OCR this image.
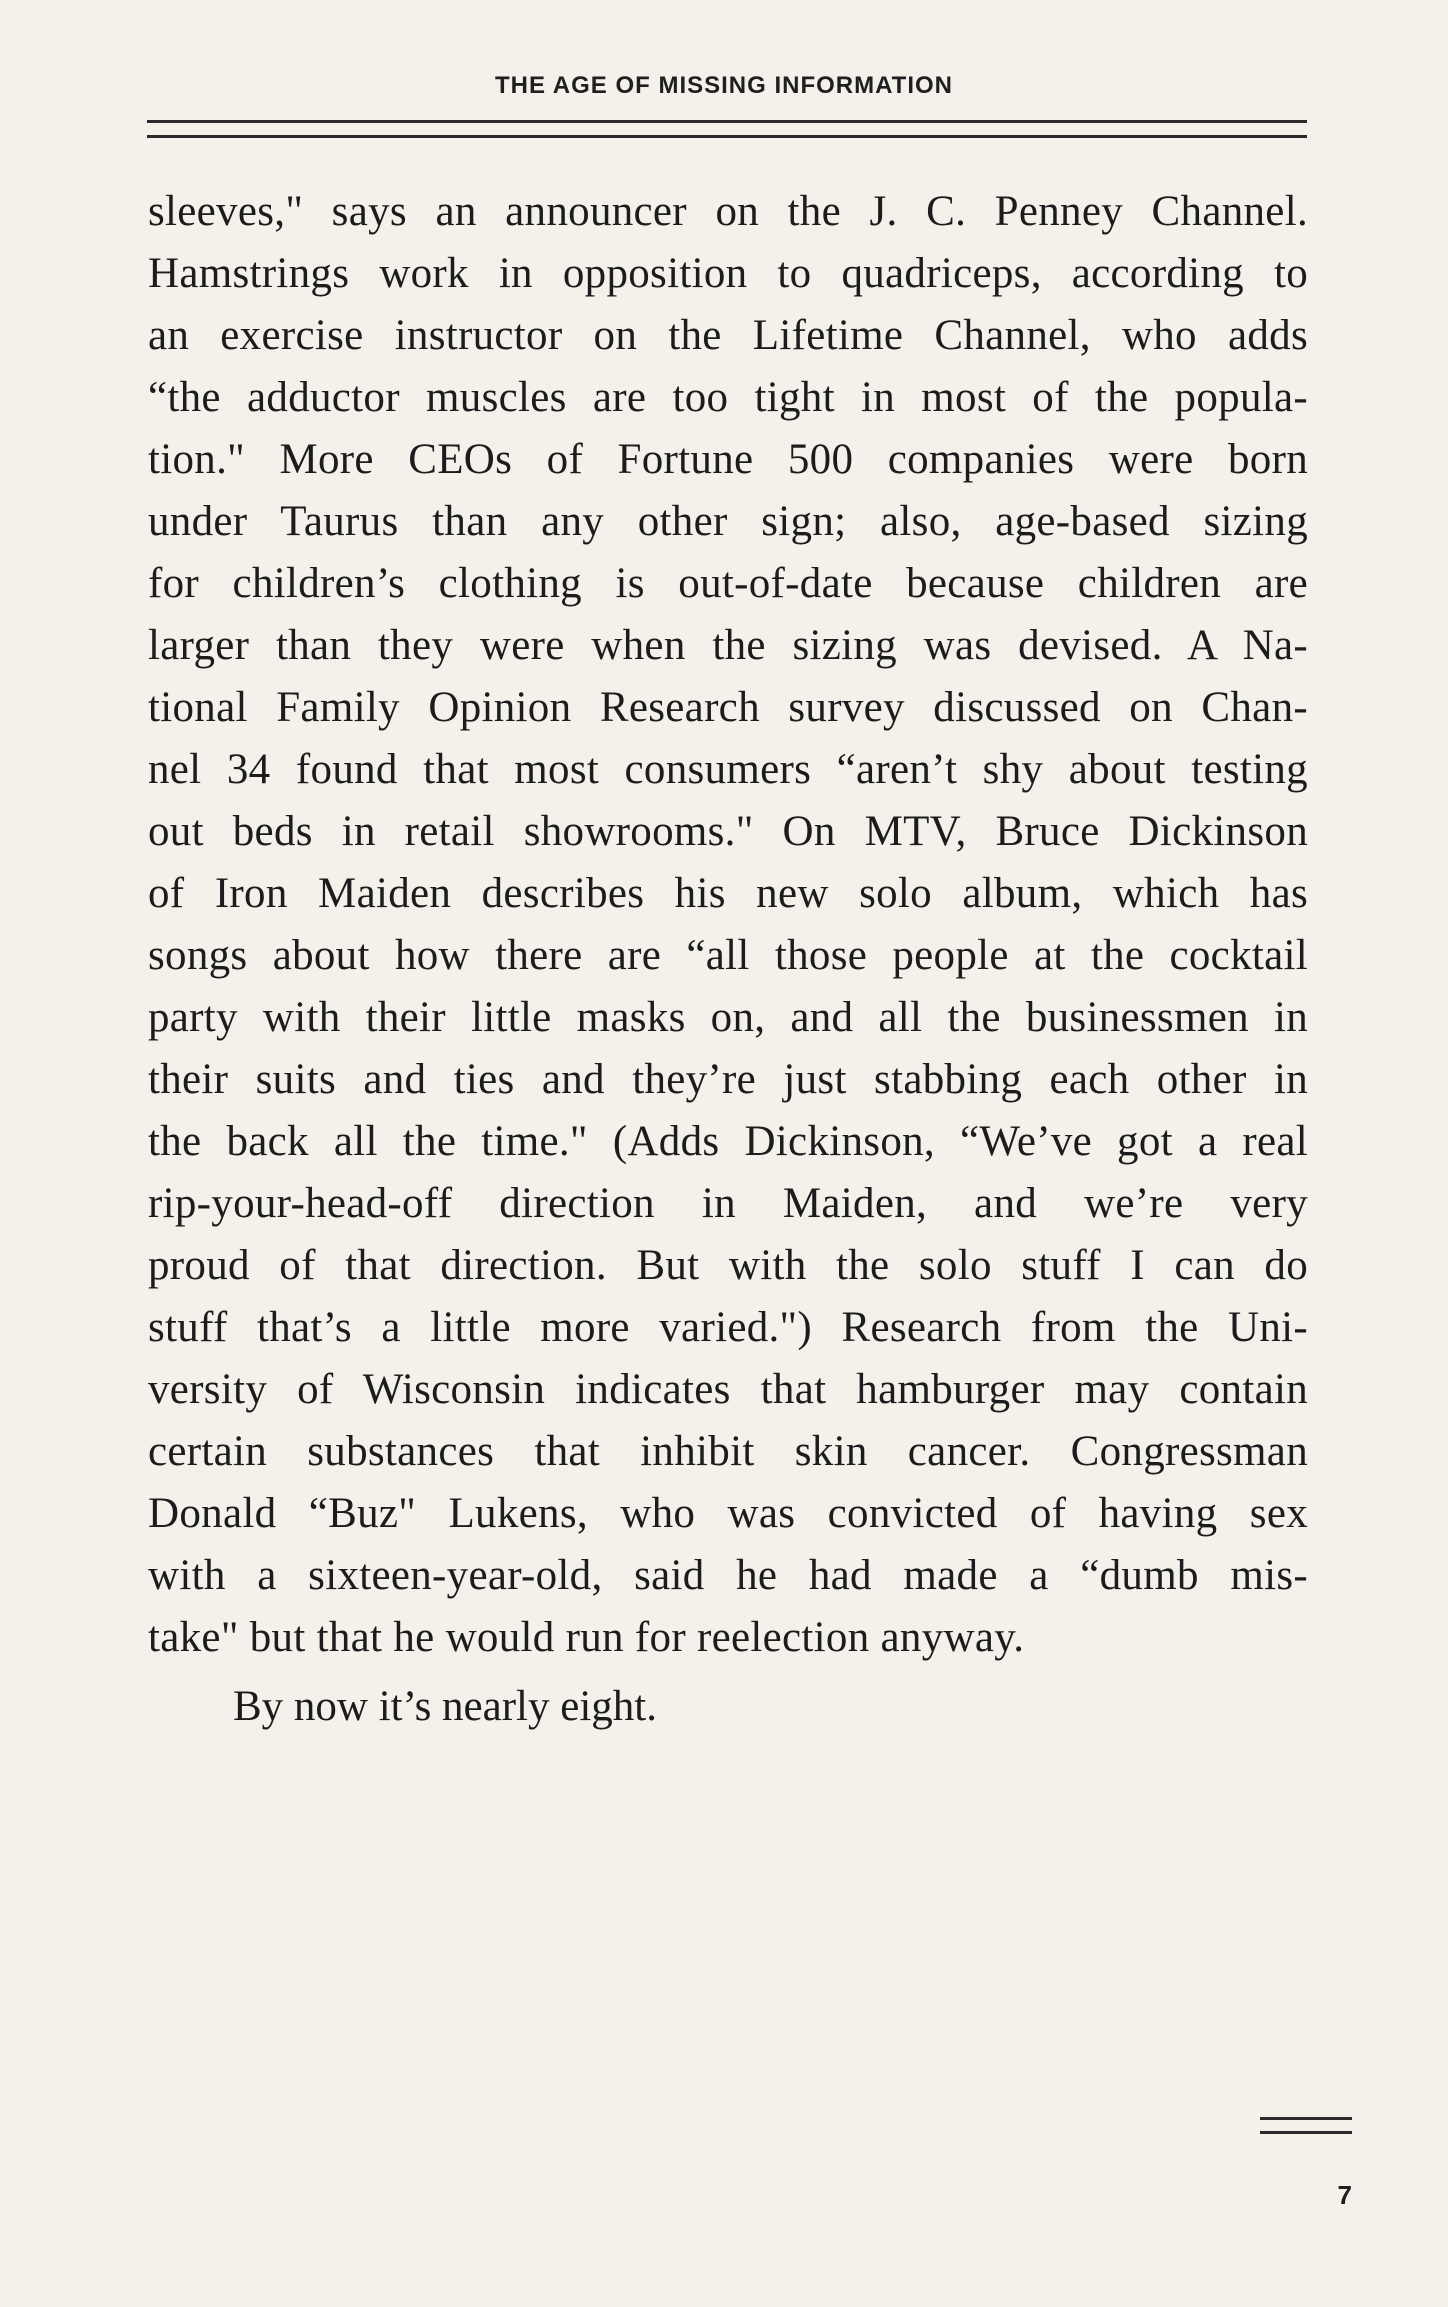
THE AGE OF MISSING INFORMATION
sleeves," says an announcer on the J. C. Penney Channel.
Hamstrings work in opposition to quadriceps, according to
an exercise instructor on the Lifetime Channel, who adds
“the adductor muscles are too tight in most of the popula-
tion." More CEOs of Fortune 500 companies were born
under Taurus than any other sign; also, age-based sizing
for children’s clothing is out-of-date because children are
larger than they were when the sizing was devised. A Na-
tional Family Opinion Research survey discussed on Chan-
nel 34 found that most consumers “aren’t shy about testing
out beds in retail showrooms." On MTV, Bruce Dickinson
of Iron Maiden describes his new solo album, which has
songs about how there are “all those people at the cocktail
party with their little masks on, and all the businessmen in
their suits and ties and they’re just stabbing each other in
the back all the time." (Adds Dickinson, “We’ve got a real
rip-your-head-off direction in Maiden, and we’re very
proud of that direction. But with the solo stuff I can do
stuff that’s a little more varied.") Research from the Uni-
versity of Wisconsin indicates that hamburger may contain
certain substances that inhibit skin cancer. Congressman
Donald “Buz" Lukens, who was convicted of having sex
with a sixteen-year-old, said he had made a “dumb mis-
take" but that he would run for reelection anyway.
By now it’s nearly eight.
7
